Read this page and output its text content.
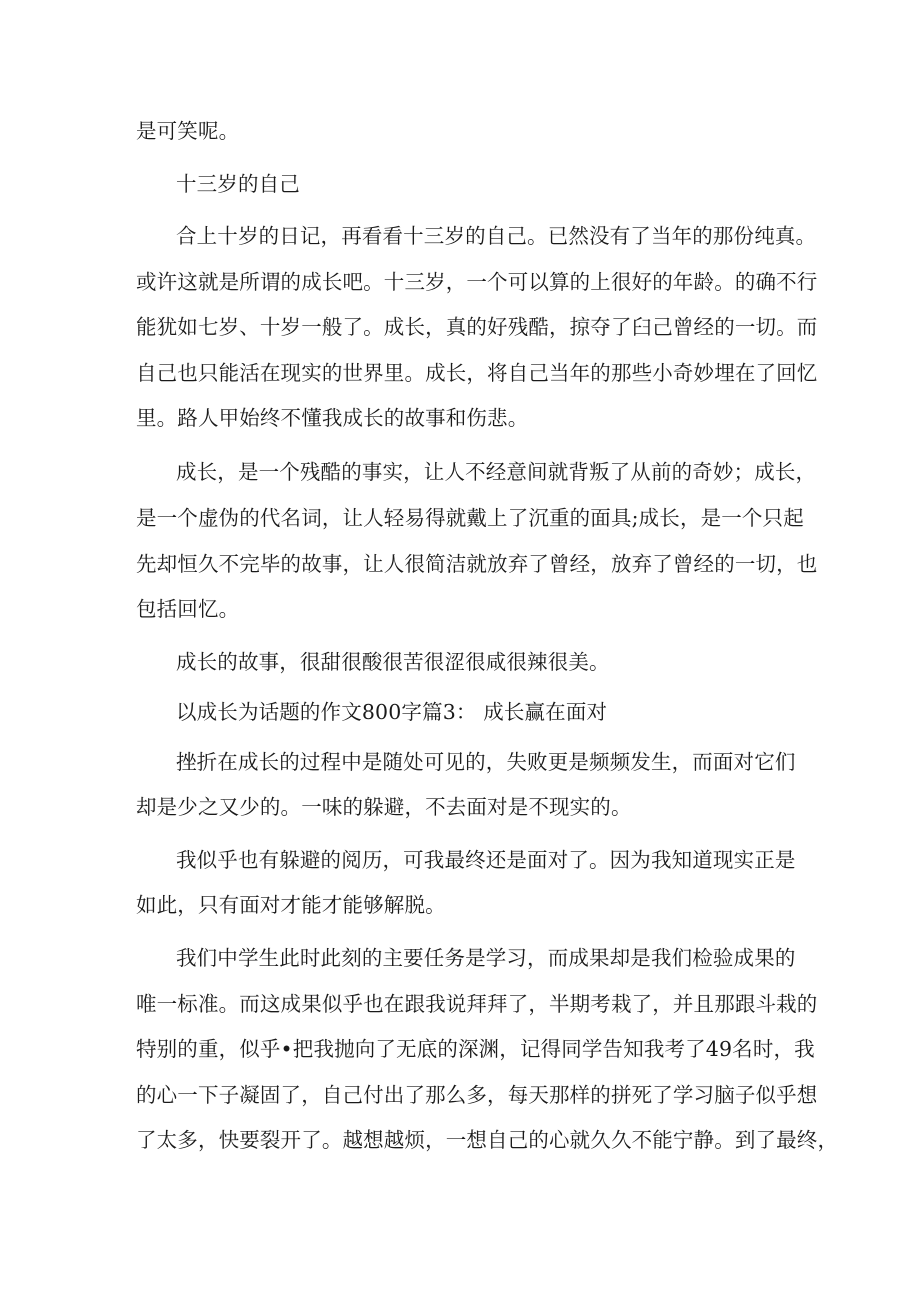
是可笑呢。
十三岁的自己
合上十岁的日记，再看看十三岁的自己。已然没有了当年的那份纯真。
或许这就是所谓的成长吧。十三岁，一个可以算的上很好的年龄。的确不行
能犹如七岁、十岁一般了。成长，真的好残酷，掠夺了臼己曾经的一切。而
自己也只能活在现实的世界里。成长，将自己当年的那些小奇妙埋在了回忆
里。路人甲始终不懂我成长的故事和伤悲。
成长，是一个残酷的事实，让人不经意间就背叛了从前的奇妙；成长，
是一个虚伪的代名词，让人轻易得就戴上了沉重的面具;成长，是一个只起
先却恒久不完毕的故事，让人很简洁就放弃了曾经，放弃了曾经的一切，也
包括回忆。
成长的故事，很甜很酸很苦很涩很咸很辣很美。
以成长为话题的作文800字篇3： 成长赢在面对
挫折在成长的过程中是随处可见的，失败更是频频发生，而面对它们
却是少之又少的。一味的躲避，不去面对是不现实的。
我似乎也有躲避的阅历，可我最终还是面对了。因为我知道现实正是
如此，只有面对才能才能够解脱。
我们中学生此时此刻的主要任务是学习，而成果却是我们检验成果的
唯一标准。而这成果似乎也在跟我说拜拜了，半期考栽了，并且那跟斗栽的
特别的重，似乎•把我抛向了无底的深渊，记得同学告知我考了49名时，我
的心一下子凝固了，自己付出了那么多，每天那样的拼死了学习脑子似乎想
了太多，快要裂开了。越想越烦，一想自己的心就久久不能宁静。到了最终，
